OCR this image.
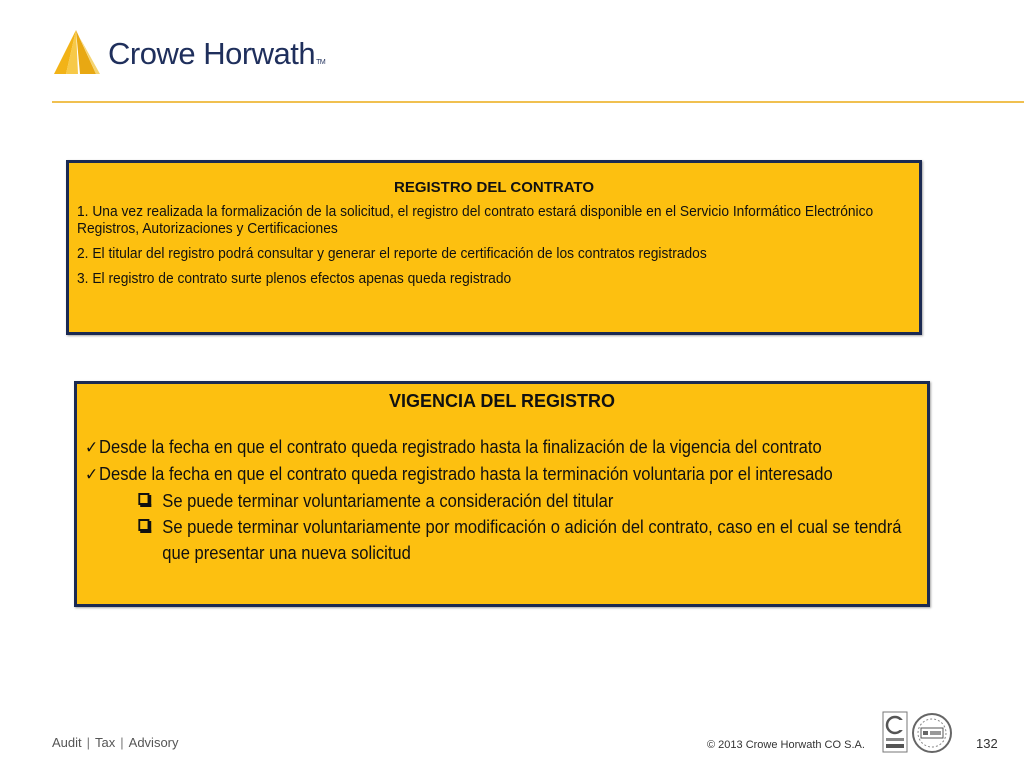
Crowe HorwathTM
REGISTRO DEL CONTRATO
1. Una vez realizada la formalización de la solicitud, el registro del contrato estará disponible en el Servicio Informático Electrónico Registros, Autorizaciones y Certificaciones
2. El titular del registro podrá consultar y generar el reporte de certificación de los contratos registrados
3. El registro de contrato surte plenos efectos apenas queda registrado
VIGENCIA DEL REGISTRO
✓Desde la fecha en que el contrato queda registrado hasta la finalización de la vigencia del contrato
✓Desde la fecha en que el contrato queda registrado hasta la terminación voluntaria por el interesado
Se puede terminar voluntariamente a consideración del titular
Se puede terminar voluntariamente por modificación o adición del contrato, caso en el cual se tendrá que presentar una nueva solicitud
Audit | Tax | Advisory	© 2013 Crowe Horwath CO S.A.	132
